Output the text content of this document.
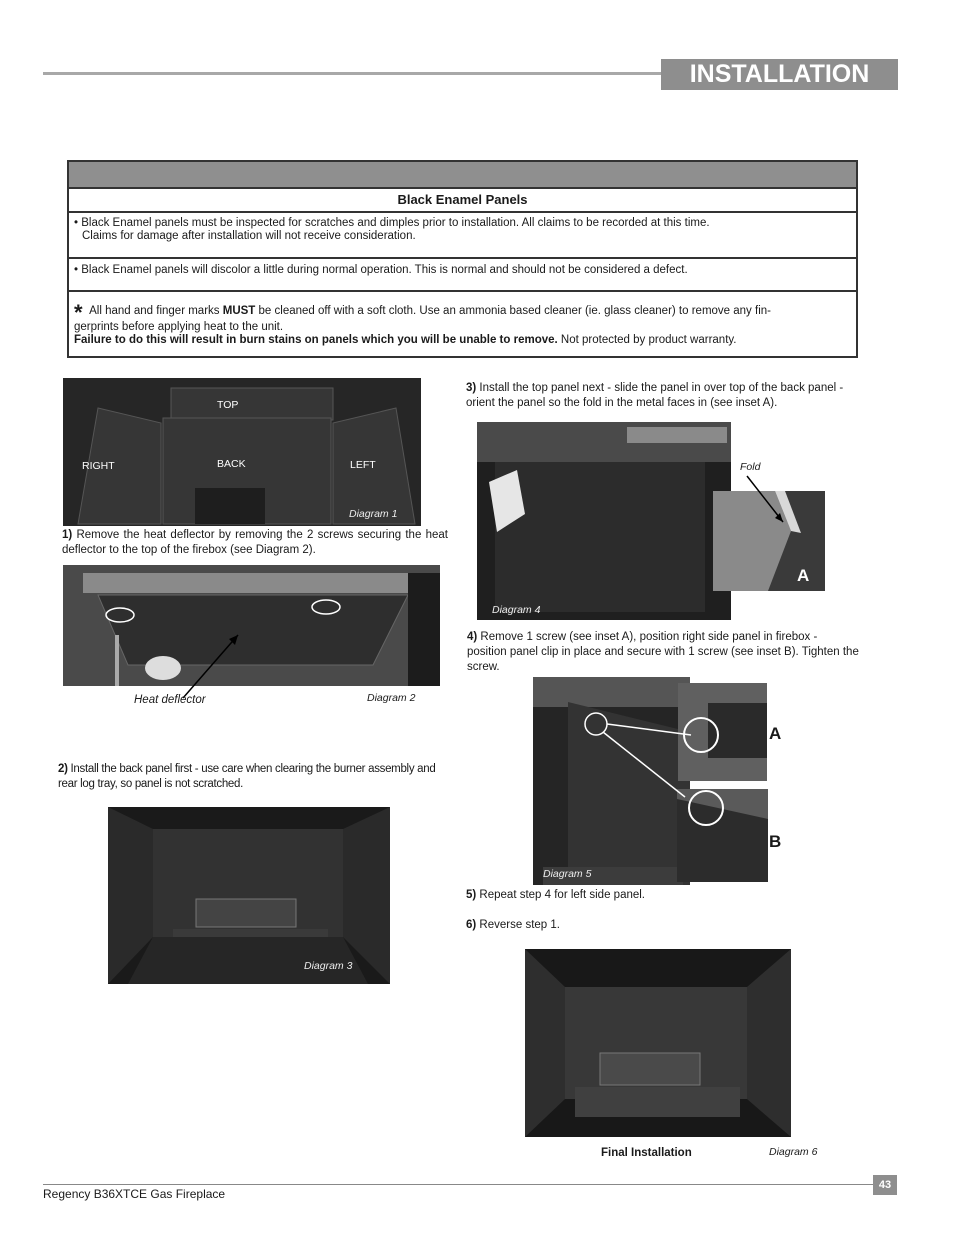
INSTALLATION
Black Enamel Panels
• Black Enamel panels must be inspected for scratches and dimples prior to installation. All claims to be recorded at this time.
Claims for damage after installation will not receive consideration.
• Black Enamel panels will discolor a little during normal operation. This is normal and should not be considered a defect.
* All hand and finger marks MUST be cleaned off with a soft cloth. Use an ammonia based cleaner (ie. glass cleaner) to remove any fin-
gerprints before applying heat to the unit.
Failure to do this will result in burn stains on panels which you will be unable to remove. Not protected by product warranty.
TOP
RIGHT	BACK	LEFT
Diagram 1
1) Remove the heat deflector by removing the 2 screws securing the heat deflector to the top of the firebox (see Diagram 2).
Heat deflector	Diagram 2
2) Install the back panel first - use care when clearing the burner assembly and rear log tray, so panel is not scratched.
Diagram 3
3) Install the top panel next - slide the panel in over top of the back panel - orient the panel so the fold in the metal faces in (see inset A).
Diagram 4
Fold
A
4) Remove 1 screw (see inset A), position right side panel in firebox - position panel clip in place and secure with 1 screw (see inset B). Tighten the screw.
Diagram 5
A
B
5) Repeat step 4 for left side panel.
6) Reverse step 1.
Final Installation	Diagram 6
43
Regency B36XTCE Gas Fireplace
